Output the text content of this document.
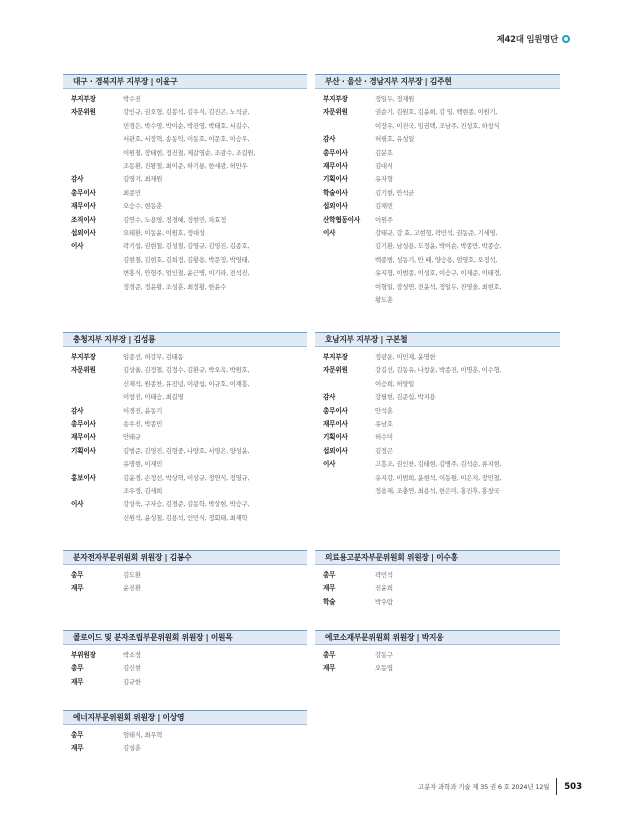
제42대 임원명단
대구 · 경북지부 지부장 | 이윤구
부지부장	박수진
자문위원	강인규, 권오형, 김봉석, 김우식, 김진곤, 노석균,
민경은, 박수영, 박이순, 박진영, 박태호, 서길수,
서관호, 서장혁, 송동익, 이동호, 이문호, 이승우,
이원철, 장태현, 정진철, 제갈영순, 조광수, 조길원,
조동환, 진왕철, 최이준, 하기룡, 한세광, 허만우
감사	김영기, 최재원
총무이사	최종민
재무이사	오승수, 현동춘
조직이사	김연수, 노용영, 정경혜, 정현민, 차효정
섭외이사	오태환, 이동윤, 이원호, 정대성
이사	곽기섭, 권현철, 김성철, 김영규, 김영진, 김종호,
김현철, 김현호, 김희정, 김황용, 박문정, 박영태,
변홍식, 안형주, 엄인철, 윤근병, 이기라, 전석진,
정경준, 정윤황, 조성훈, 최정황, 한윤수
부산 · 울산 · 경남지부 지부장 | 김주현
부지부장	정일두, 정재원
자문위원	권순기, 김원호, 김윤희, 김 임, 백현종, 이원기,
이장우, 이진국, 임권택, 조남주, 진성호, 하창식
감사	허필호, 유성일
총무이사	김분호
재무이사	김대식
기획이사	유자형
학술이사	김기현, 안석균
섭외이사	김채빈
산학협동이사	이원주
이사	강태규, 강 효, 고현형, 곽민석, 권동준, 기세영,
김기환, 남성용, 도정윤, 박이순, 박종만, 박종승,
백종범, 성동기, 안 때, 양승용, 엄영호, 오정석,
유지형, 이범종, 이성호, 이승구, 이재준, 이태경,
이형일, 장성연, 전윤석, 정일두, 진영을, 최현호,
황도훈
충청지부 지부장 | 김성룡
부지부장	임종선, 허강무, 김태동
자문위원	김상율, 김정철, 김정수, 김환규, 박오옥, 박원호,
신재석, 원종찬, 유진녕, 이광섭, 이규호, 이재흥,
이창진, 이태승, 최길영
감사	이경진, 윤동기
총무이사	송우진, 박종민
재무이사	안태규
기획이사	김범준, 김영진, 김형중, 나양호, 서영은, 양성윤,
유명현, 이재민
홍보이사	김윤경, 손정선, 박상혁, 이상규, 정연식, 정영규,
조우경, 김세희
이사	강상욱, 구자승, 김경준, 김동학, 박상현, 박승구,
신원석, 윤성철, 김용석, 인민식, 정회태, 최재학
호남지부 지부장 | 구본철
부지부장	정광운, 이민재, 윤명한
자문위원	강길선, 김동유, 나창운, 박종진, 이명훈, 이수형,
이승희, 허양일
감사	강필현, 김준섭, 박지용
총무이사	안석훈
재무이사	유남호
기획이사	허수미
섭외이사	김정곤
이사	고흥조, 권인찬, 김태현, 김병주, 김석순, 류지현,
유지강, 이범희, 윤현석, 이동원, 이은지, 장민철,
정용채, 조충연, 최용석, 한은미, 홍진후, 홍창국
분자전자부문위원회 위원장 | 김봉수
총무	김도환
재무	윤진환
의료용고분자부문위원회 위원장 | 이수홍
총무	곽민석
재무	진윤희
학술	박우람
콜로이드 및 분자조립부문위원회 위원장 | 이원목
부위원장	박소정
총무	김신현
재무	김규한
에코소재부문위원회 위원장 | 박지웅
총무	강동구
재무	오동엽
에너지부문위원회 위원장 | 이상영
총무	엄태식, 최우혁
재무	김성훈
고분자 과학과 기술 제 35 권 6 호 2024년 12월 503
